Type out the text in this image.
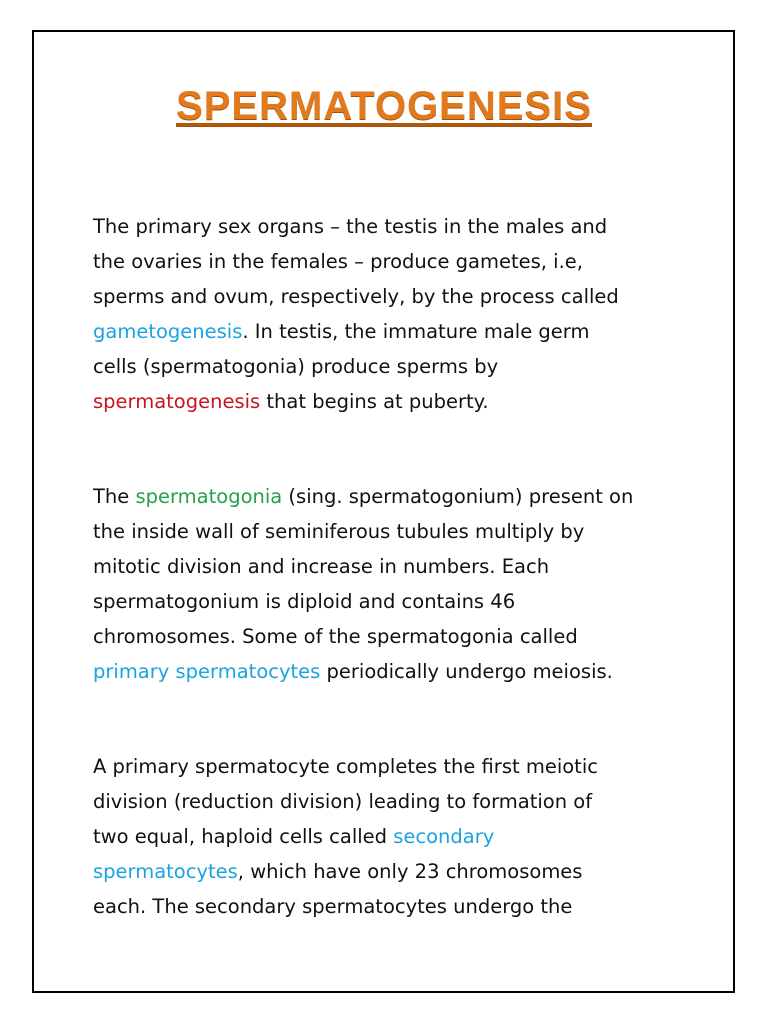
SPERMATOGENESIS
The primary sex organs – the testis in the males and
the ovaries in the females – produce gametes, i.e,
sperms and ovum, respectively, by the process called
gametogenesis. In testis, the immature male germ
cells (spermatogonia) produce sperms by
spermatogenesis that begins at puberty.
The spermatogonia (sing. spermatogonium) present on
the inside wall of seminiferous tubules multiply by
mitotic division and increase in numbers. Each
spermatogonium is diploid and contains 46
chromosomes. Some of the spermatogonia called
primary spermatocytes periodically undergo meiosis.
A primary spermatocyte completes the first meiotic
division (reduction division) leading to formation of
two equal, haploid cells called secondary
spermatocytes, which have only 23 chromosomes
each. The secondary spermatocytes undergo the
